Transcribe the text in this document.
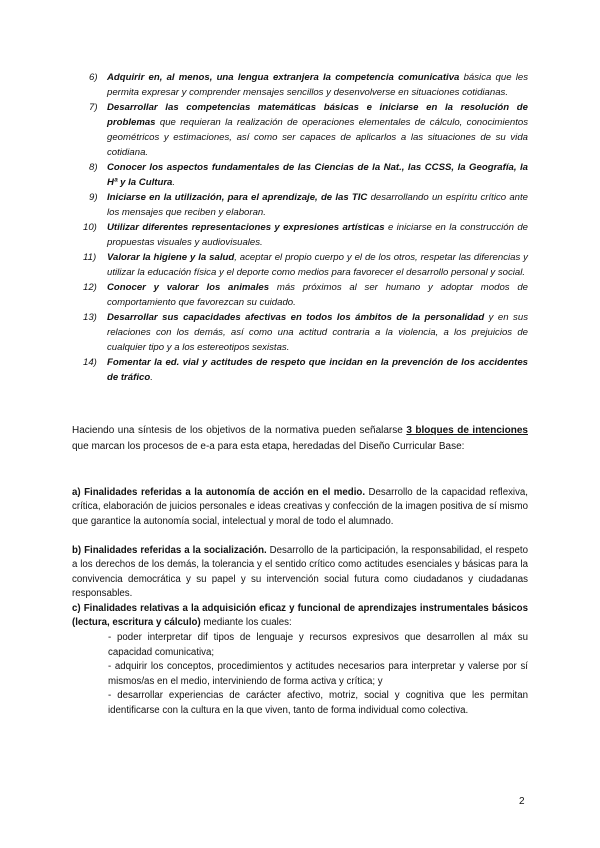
6) Adquirir en, al menos, una lengua extranjera la competencia comunicativa básica que les permita expresar y comprender mensajes sencillos y desenvolverse en situaciones cotidianas.
7) Desarrollar las competencias matemáticas básicas e iniciarse en la resolución de problemas que requieran la realización de operaciones elementales de cálculo, conocimientos geométricos y estimaciones, así como ser capaces de aplicarlos a las situaciones de su vida cotidiana.
8) Conocer los aspectos fundamentales de las Ciencias de la Nat., las CCSS, la Geografía, la Hª y la Cultura.
9) Iniciarse en la utilización, para el aprendizaje, de las TIC desarrollando un espíritu crítico ante los mensajes que reciben y elaboran.
10) Utilizar diferentes representaciones y expresiones artísticas e iniciarse en la construcción de propuestas visuales y audiovisuales.
11) Valorar la higiene y la salud, aceptar el propio cuerpo y el de los otros, respetar las diferencias y utilizar la educación física y el deporte como medios para favorecer el desarrollo personal y social.
12) Conocer y valorar los animales más próximos al ser humano y adoptar modos de comportamiento que favorezcan su cuidado.
13) Desarrollar sus capacidades afectivas en todos los ámbitos de la personalidad y en sus relaciones con los demás, así como una actitud contraria a la violencia, a los prejuicios de cualquier tipo y a los estereotipos sexistas.
14) Fomentar la ed. vial y actitudes de respeto que incidan en la prevención de los accidentes de tráfico.

Haciendo una síntesis de los objetivos de la normativa pueden señalarse 3 bloques de intenciones que marcan los procesos de e-a para esta etapa, heredadas del Diseño Curricular Base:

a) Finalidades referidas a la autonomía de acción en el medio. Desarrollo de la capacidad reflexiva, crítica, elaboración de juicios personales e ideas creativas y confección de la imagen positiva de sí mismo que garantice la autonomía social, intelectual y moral de todo el alumnado.

b) Finalidades referidas a la socialización. Desarrollo de la participación, la responsabilidad, el respeto a los derechos de los demás, la tolerancia y el sentido crítico como actitudes esenciales y básicas para la convivencia democrática y su papel y su intervención social futura como ciudadanos y ciudadanas responsables.

c) Finalidades relativas a la adquisición eficaz y funcional de aprendizajes instrumentales básicos (lectura, escritura y cálculo) mediante los cuales:

- poder interpretar dif tipos de lenguaje y recursos expresivos que desarrollen al máx su capacidad comunicativa;
- adquirir los conceptos, procedimientos y actitudes necesarios para interpretar y valerse por sí mismos/as en el medio, interviniendo de forma activa y crítica; y
- desarrollar experiencias de carácter afectivo, motriz, social y cognitiva que les permitan identificarse con la cultura en la que viven, tanto de forma individual como colectiva.
2
